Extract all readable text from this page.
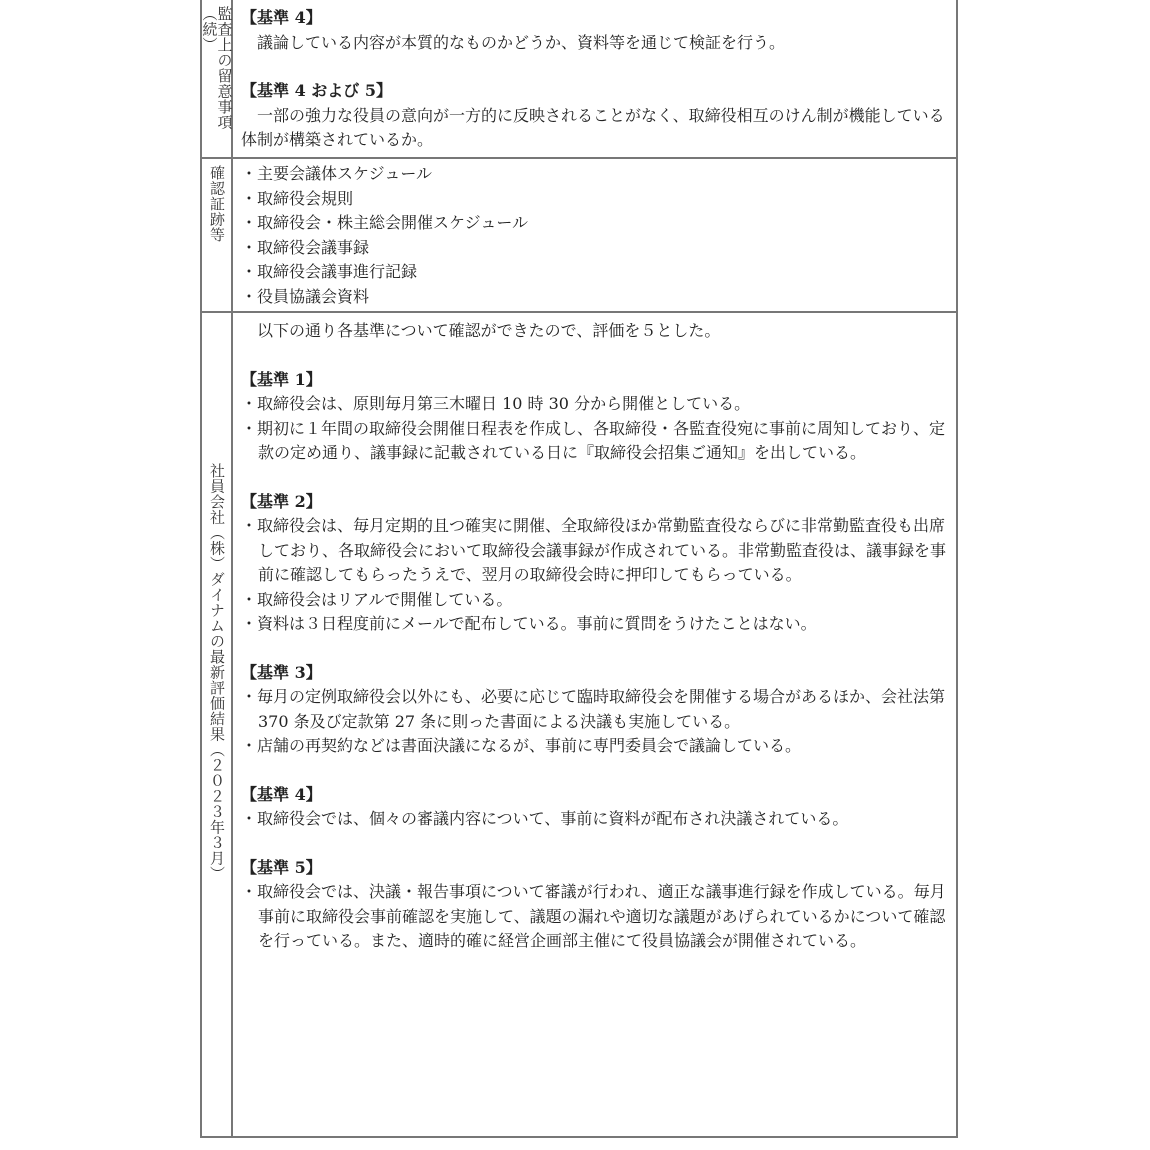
監査上の留意事項（続）	【基準 4】

議論している内容が本質的なものかどうか、資料等を通じて検証を行う。

【基準 4 および 5】

一部の強力な役員の意向が一方的に反映されることがなく、取締役相互のけん制が機能している体制が構築されているか。

確認証跡等 ・主要会議体スケジュール

・取締役会規則

・取締役会・株主総会開催スケジュール

・取締役会議事録

・取締役会議事進行記録

・役員協議会資料

社員会社（株）ダイナムの最新評価結果（２０２３年３月）

以下の通り各基準について確認ができたので、評価を５とした。

【基準 1】

・取締役会は、原則毎月第三木曜日 10 時 30 分から開催としている。

・期初に１年間の取締役会開催日程表を作成し、各取締役・各監査役宛に事前に周知しており、定款の定め通り、議事録に記載されている日に『取締役会招集ご通知』を出している。

【基準 2】

・取締役会は、毎月定期的且つ確実に開催、全取締役ほか常勤監査役ならびに非常勤監査役も出席しており、各取締役会において取締役会議事録が作成されている。非常勤監査役は、議事録を事前に確認してもらったうえで、翌月の取締役会時に押印してもらっている。

・取締役会はリアルで開催している。

・資料は３日程度前にメールで配布している。事前に質問をうけたことはない。

【基準 3】

・毎月の定例取締役会以外にも、必要に応じて臨時取締役会を開催する場合があるほか、会社法第 370 条及び定款第 27 条に則った書面による決議も実施している。

・店舗の再契約などは書面決議になるが、事前に専門委員会で議論している。

【基準 4】

・取締役会では、個々の審議内容について、事前に資料が配布され決議されている。

【基準 5】

・取締役会では、決議・報告事項について審議が行われ、適正な議事進行録を作成している。毎月事前に取締役会事前確認を実施して、議題の漏れや適切な議題があげられているかについて確認を行っている。また、適時的確に経営企画部主催にて役員協議会が開催されている。
